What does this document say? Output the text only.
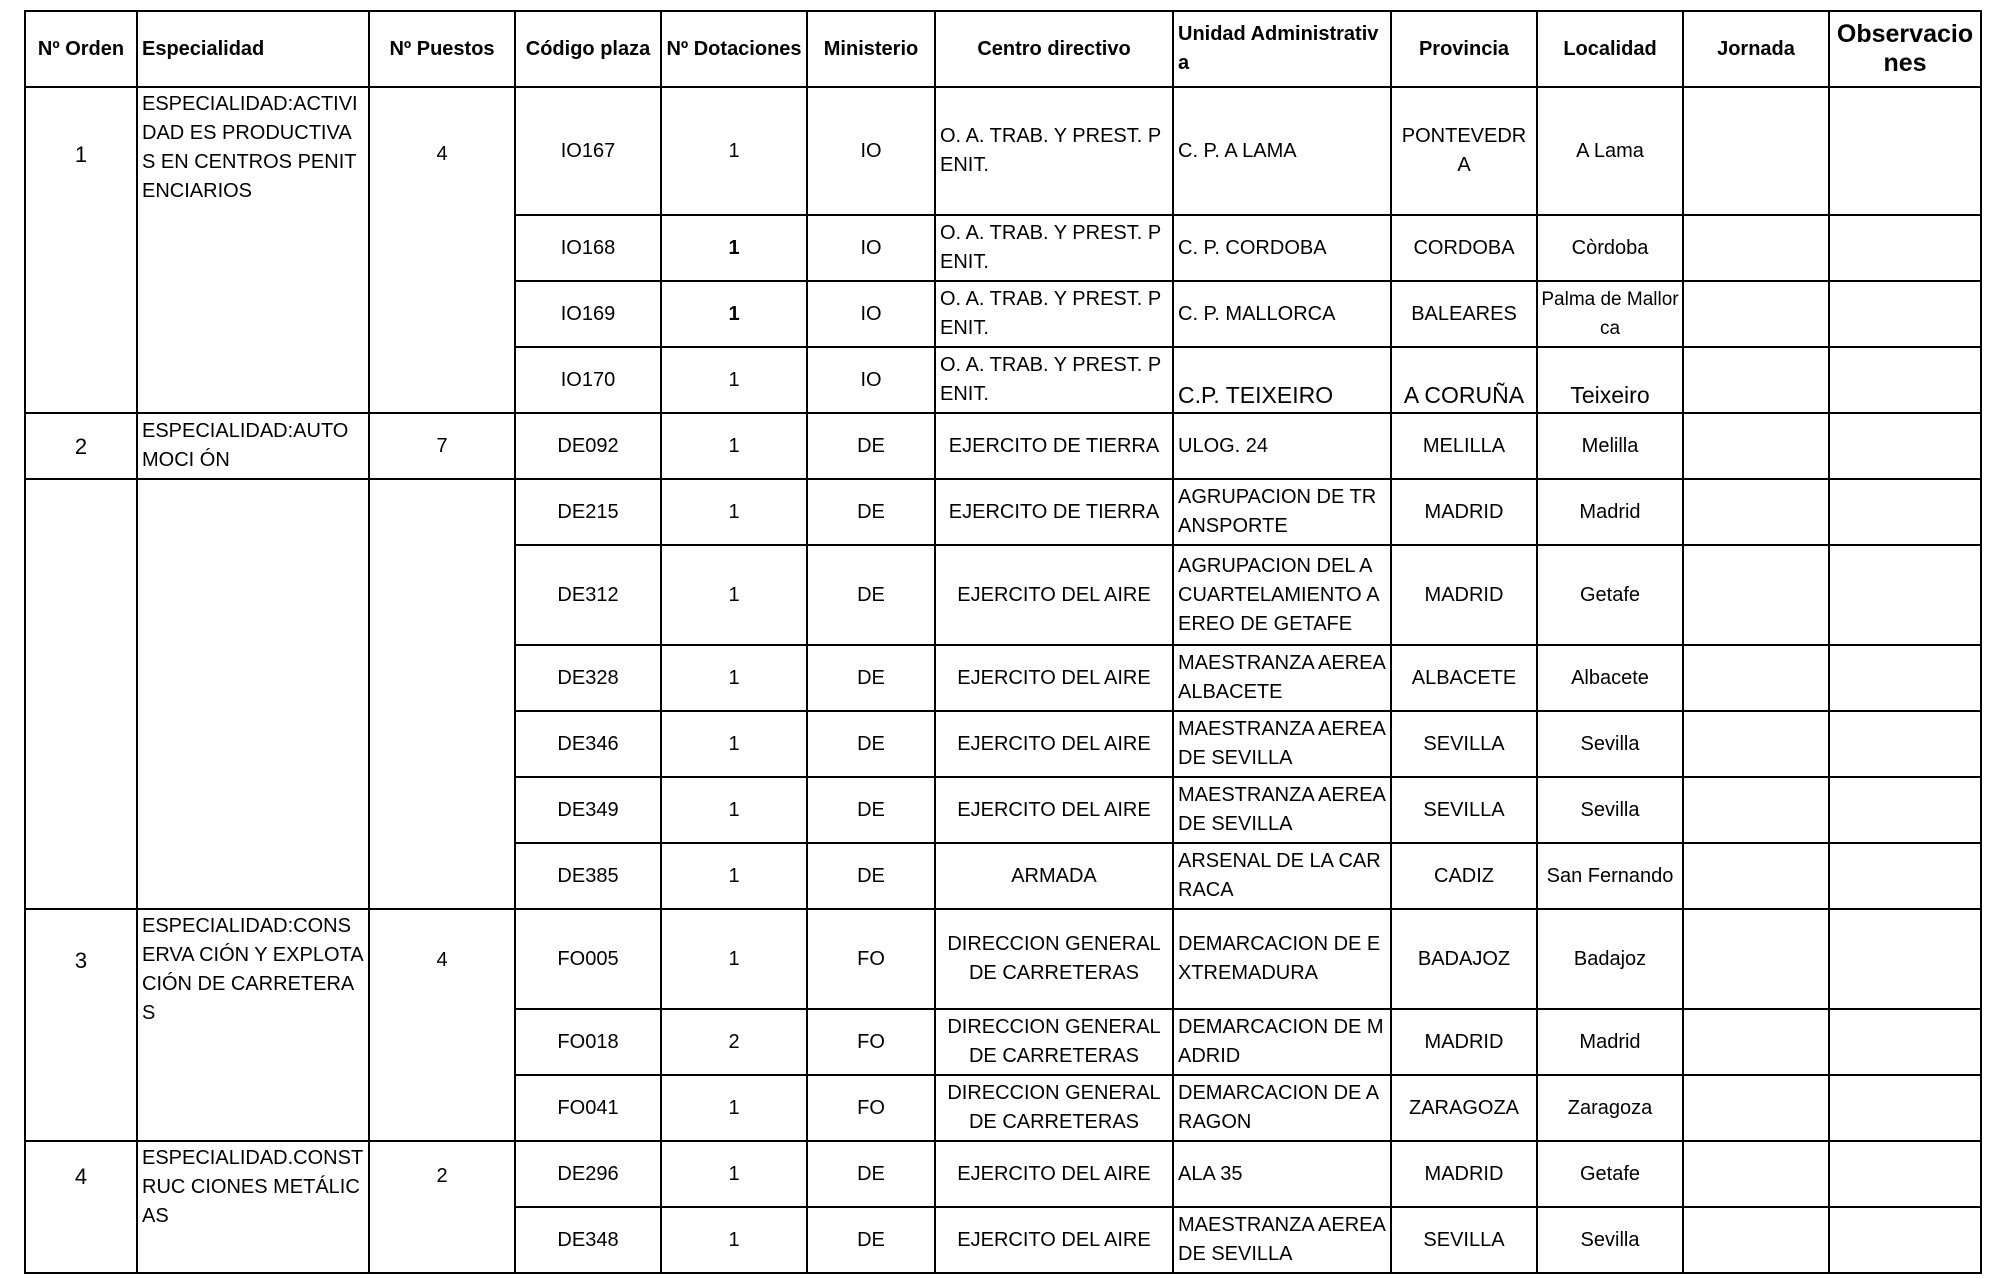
Nº Orden	Especialidad	Nº Puestos	Código plaza	Nº Dotaciones	Ministerio	Centro directivo	Unidad Administrativa	Provincia	Localidad	Jornada	Observaciones
1	ESPECIALIDAD:ACTIVIDAD ES PRODUCTIVAS EN CENTROS PENITENCIARIOS	4	IO167	1	IO	O. A. TRAB. Y PREST. PENIT.	C. P. A LAMA	PONTEVEDRA	A Lama		
			IO168	1	IO	O. A. TRAB. Y PREST. PENIT.	C. P. CORDOBA	CORDOBA	Còrdoba		
			IO169	1	IO	O. A. TRAB. Y PREST. PENIT.	C. P. MALLORCA	BALEARES	Palma de Mallorca		
			IO170	1	IO	O. A. TRAB. Y PREST. PENIT.	C.P. TEIXEIRO	A CORUÑA	Teixeiro		
2	ESPECIALIDAD:AUTOMOCI ÓN	7	DE092	1	DE	EJERCITO DE TIERRA	ULOG. 24	MELILLA	Melilla		
			DE215	1	DE	EJERCITO DE TIERRA	AGRUPACION DE TRANSPORTE	MADRID	Madrid		
			DE312	1	DE	EJERCITO DEL AIRE	AGRUPACION DEL ACUARTELAMIENTO AEREO DE GETAFE	MADRID	Getafe		
			DE328	1	DE	EJERCITO DEL AIRE	MAESTRANZA AEREA ALBACETE	ALBACETE	Albacete		
			DE346	1	DE	EJERCITO DEL AIRE	MAESTRANZA AEREA DE SEVILLA	SEVILLA	Sevilla		
			DE349	1	DE	EJERCITO DEL AIRE	MAESTRANZA AEREA DE SEVILLA	SEVILLA	Sevilla		
			DE385	1	DE	ARMADA	ARSENAL DE LA CARRACA	CADIZ	San Fernando		
3	ESPECIALIDAD:CONSERVA CIÓN Y EXPLOTACIÓN DE CARRETERAS	4	FO005	1	FO	DIRECCION GENERAL DE CARRETERAS	DEMARCACION DE EXTREMADURA	BADAJOZ	Badajoz		
			FO018	2	FO	DIRECCION GENERAL DE CARRETERAS	DEMARCACION DE MADRID	MADRID	Madrid		
			FO041	1	FO	DIRECCION GENERAL DE CARRETERAS	DEMARCACION DE ARAGON	ZARAGOZA	Zaragoza		
4	ESPECIALIDAD.CONSTRUC CIONES METÁLICAS	2	DE296	1	DE	EJERCITO DEL AIRE	ALA 35	MADRID	Getafe		
			DE348	1	DE	EJERCITO DEL AIRE	MAESTRANZA AEREA DE SEVILLA	SEVILLA	Sevilla		
